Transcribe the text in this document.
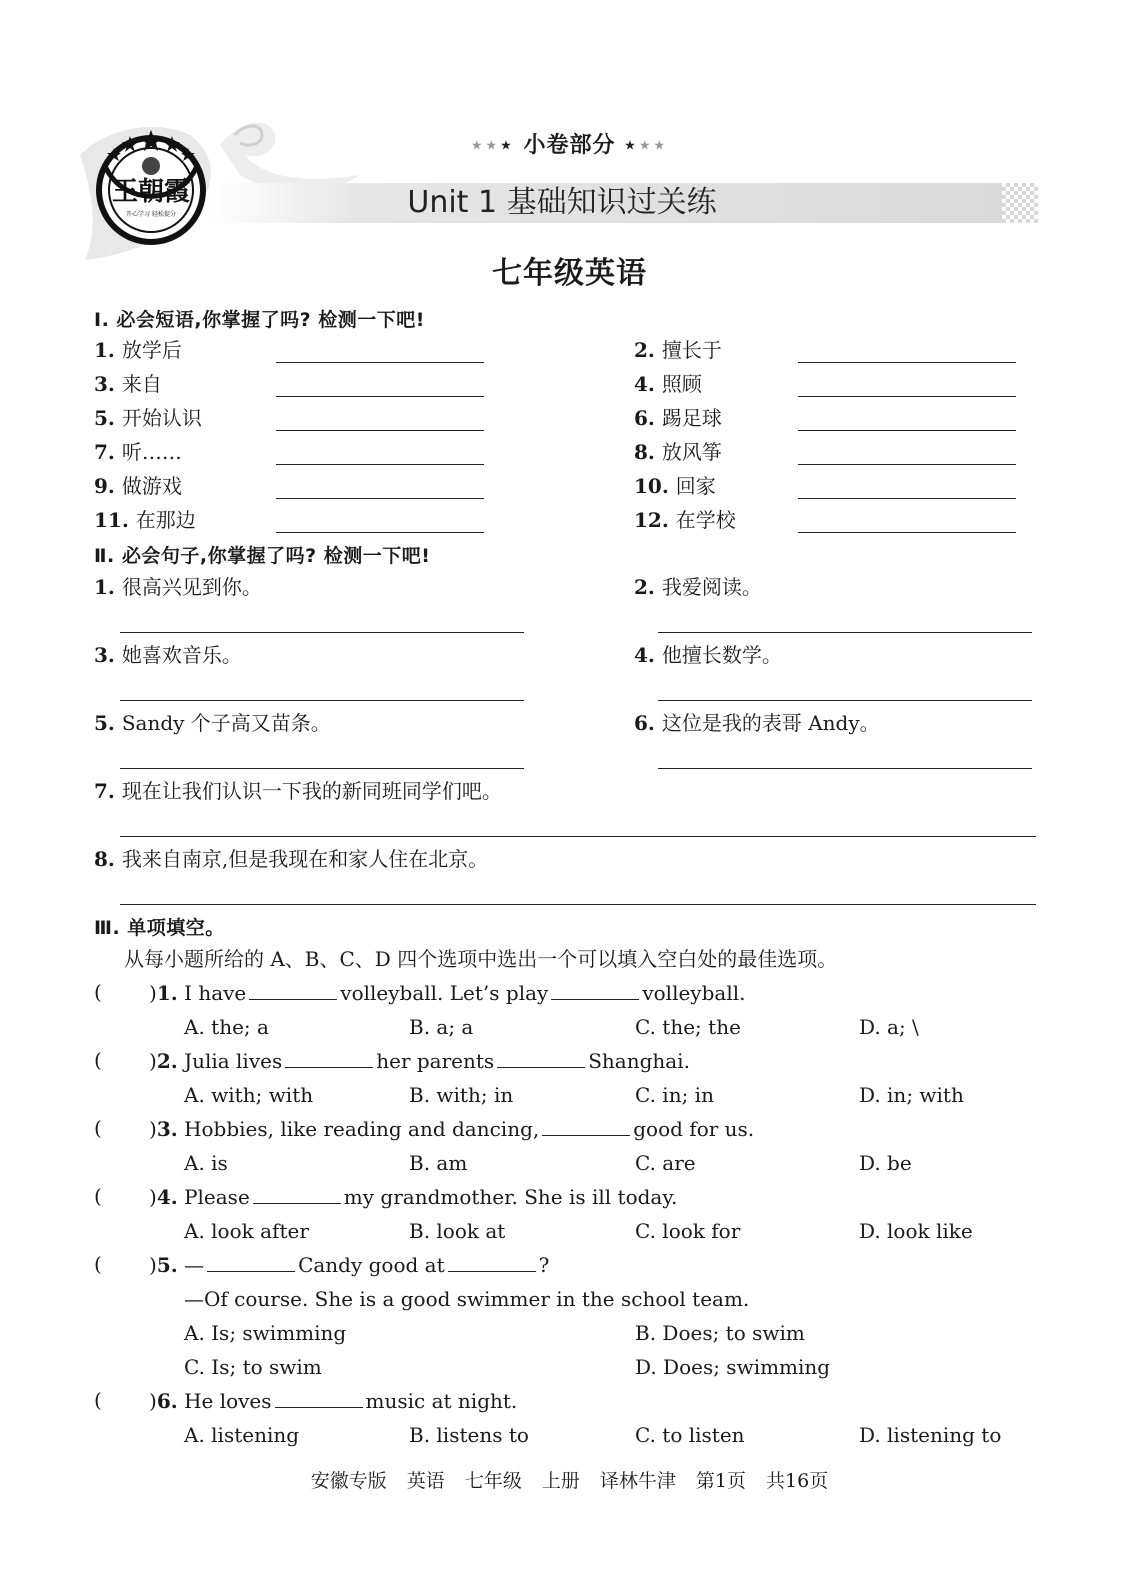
王朝霞
开心学习 轻松提分
★★★ 小卷部分 ★★★
Unit 1 基础知识过关练
七年级英语
Ⅰ. 必会短语,你掌握了吗? 检测一下吧!
1. 放学后	2. 擅长于
3. 来自	4. 照顾
5. 开始认识	6. 踢足球
7. 听……	8. 放风筝
9. 做游戏	10. 回家
11. 在那边	12. 在学校
Ⅱ. 必会句子,你掌握了吗? 检测一下吧!
1. 很高兴见到你。	2. 我爱阅读。
3. 她喜欢音乐。	4. 他擅长数学。
5. Sandy 个子高又苗条。	6. 这位是我的表哥 Andy。
7. 现在让我们认识一下我的新同班同学们吧。
8. 我来自南京,但是我现在和家人住在北京。
Ⅲ. 单项填空。
从每小题所给的 A、B、C、D 四个选项中选出一个可以填入空白处的最佳选项。
( )1. I have	volleyball. Let’s play	volleyball.
A. the; a	B. a; a	C. the; the	D. a; \
( )2. Julia lives	her parents	Shanghai.
A. with; with	B. with; in	C. in; in	D. in; with
( )3. Hobbies, like reading and dancing,	good for us.
A. is	B. am	C. are	D. be
( )4. Please	my grandmother. She is ill today.
A. look after	B. look at	C. look for	D. look like
( )5. —	Candy good at	?
—Of course. She is a good swimmer in the school team.
A. Is; swimming	B. Does; to swim
C. Is; to swim	D. Does; swimming
( )6. He loves	music at night.
A. listening	B. listens to	C. to listen	D. listening to
安徽专版 英语 七年级 上册 译林牛津 第1页 共16页
